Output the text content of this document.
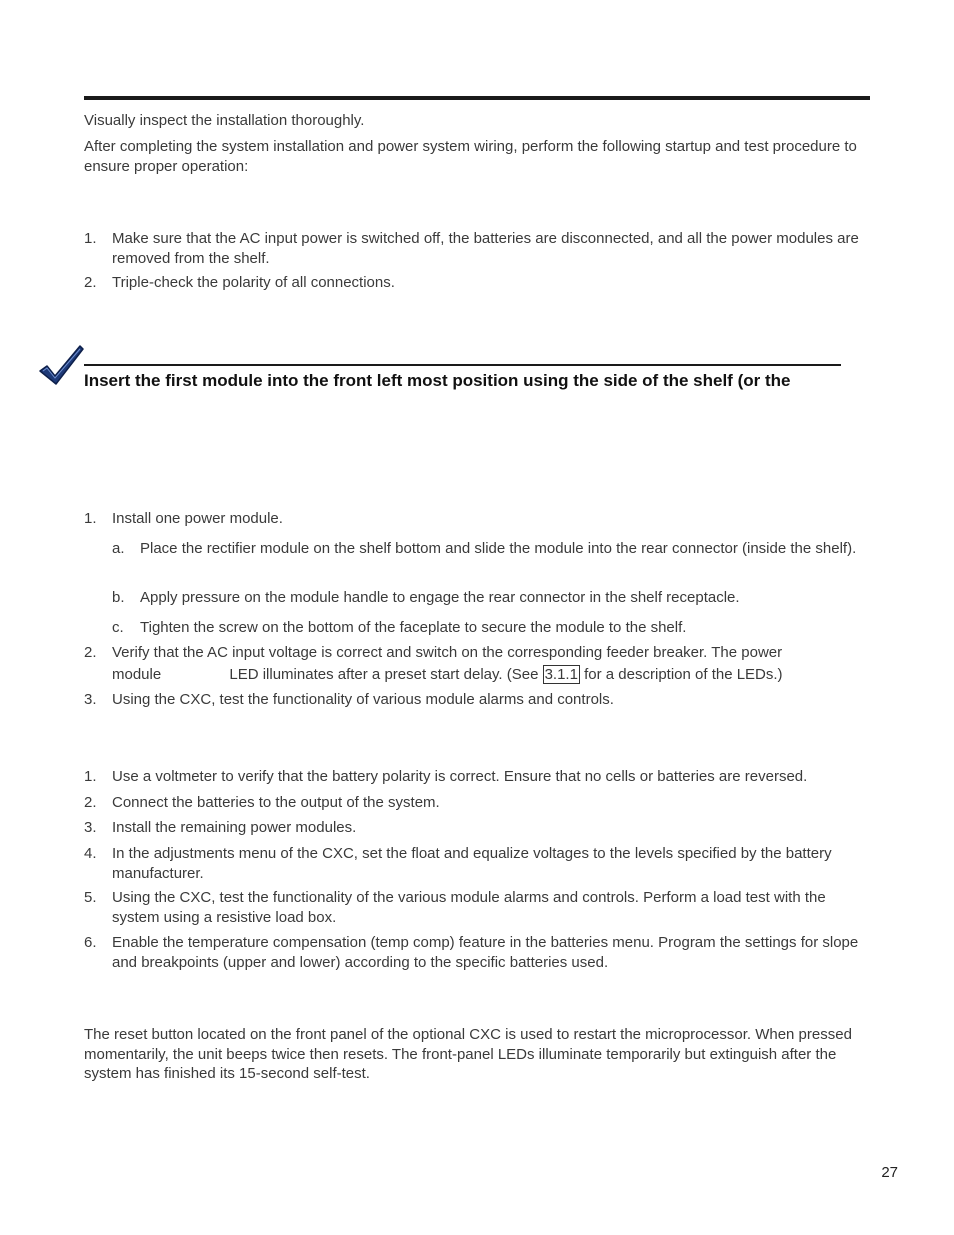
Visually inspect the installation thoroughly.

After completing the system installation and power system wiring, perform the following startup and test procedure to ensure proper operation:

1. Make sure that the AC input power is switched off, the batteries are disconnected, and all the power modules are removed from the shelf.
2. Triple-check the polarity of all connections.
Insert the first module into the front left most position using the side of the shelf (or the
1. Install one power module.
a. Place the rectifier module on the shelf bottom and slide the module into the rear connector (inside the shelf).
b. Apply pressure on the module handle to engage the rear connector in the shelf receptacle.
c. Tighten the screw on the bottom of the faceplate to secure the module to the shelf.
2. Verify that the AC input voltage is correct and switch on the corresponding feeder breaker. The power
module	LED illuminates after a preset start delay. (See 3.1.1 for a description of the LEDs.)
3. Using the CXC, test the functionality of various module alarms and controls.
1. Use a voltmeter to verify that the battery polarity is correct. Ensure that no cells or batteries are reversed.
2. Connect the batteries to the output of the system.
3. Install the remaining power modules.
4. In the adjustments menu of the CXC, set the float and equalize voltages to the levels specified by the battery manufacturer.
5. Using the CXC, test the functionality of the various module alarms and controls. Perform a load test with the system using a resistive load box.
6. Enable the temperature compensation (temp comp) feature in the batteries menu. Program the settings for slope and breakpoints (upper and lower) according to the specific batteries used.

The reset button located on the front panel of the optional CXC is used to restart the microprocessor. When pressed momentarily, the unit beeps twice then resets. The front-panel LEDs illuminate temporarily but extinguish after the system has finished its 15-second self-test.

27
